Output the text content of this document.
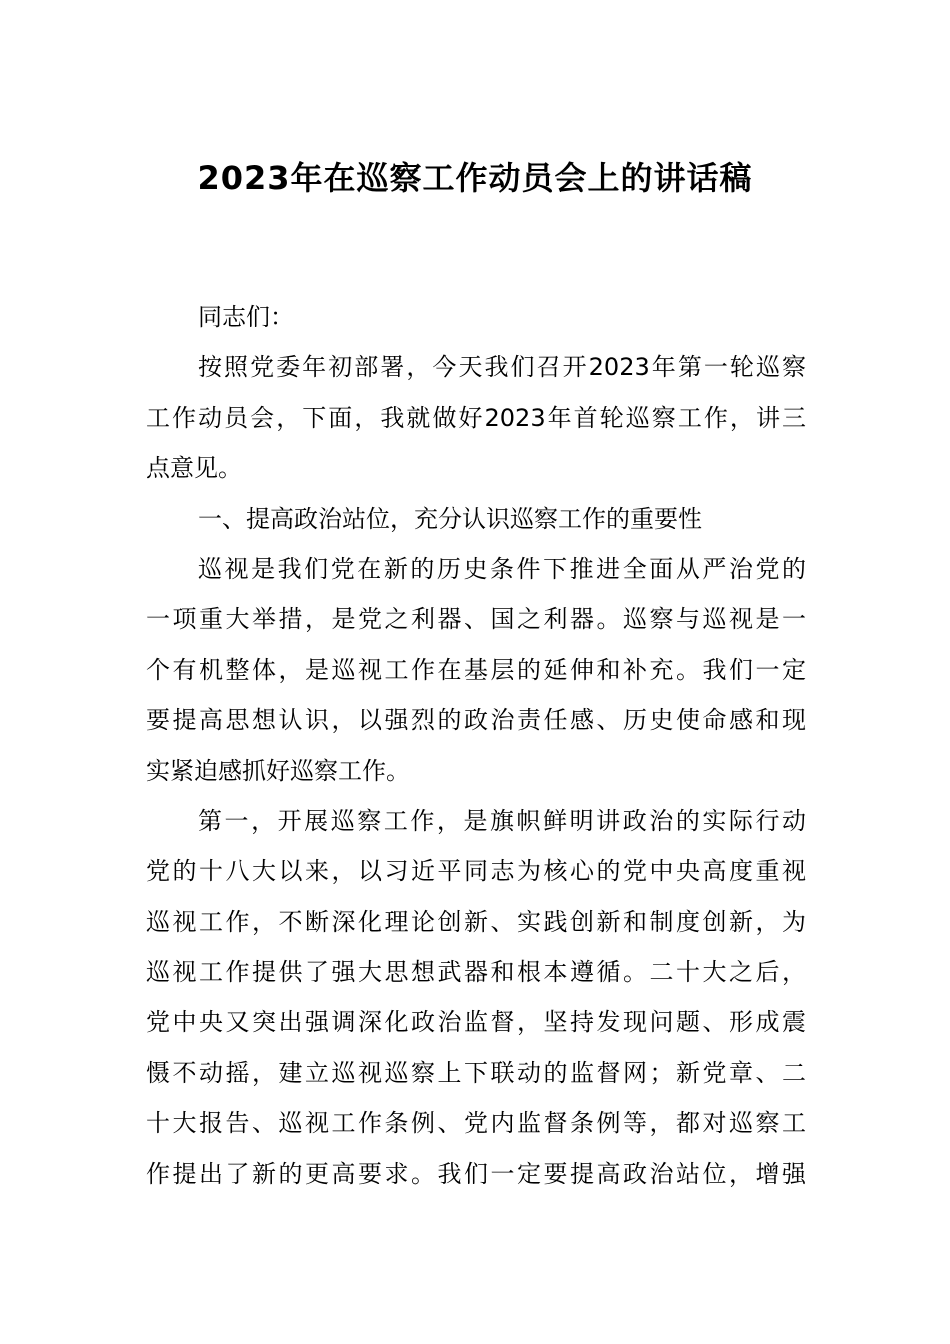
2023年在巡察工作动员会上的讲话稿
同志们：
按照党委年初部署，今天我们召开2023年第一轮巡察
工作动员会，下面，我就做好2023年首轮巡察工作，讲三
点意见。
一、提高政治站位，充分认识巡察工作的重要性
巡视是我们党在新的历史条件下推进全面从严治党的
一项重大举措，是党之利器、国之利器。巡察与巡视是一
个有机整体，是巡视工作在基层的延伸和补充。我们一定
要提高思想认识，以强烈的政治责任感、历史使命感和现
实紧迫感抓好巡察工作。
第一，开展巡察工作，是旗帜鲜明讲政治的实际行动
党的十八大以来，以习近平同志为核心的党中央高度重视
巡视工作，不断深化理论创新、实践创新和制度创新，为
巡视工作提供了强大思想武器和根本遵循。二十大之后，
党中央又突出强调深化政治监督，坚持发现问题、形成震
慑不动摇，建立巡视巡察上下联动的监督网；新党章、二
十大报告、巡视工作条例、党内监督条例等，都对巡察工
作提出了新的更高要求。我们一定要提高政治站位，增强
